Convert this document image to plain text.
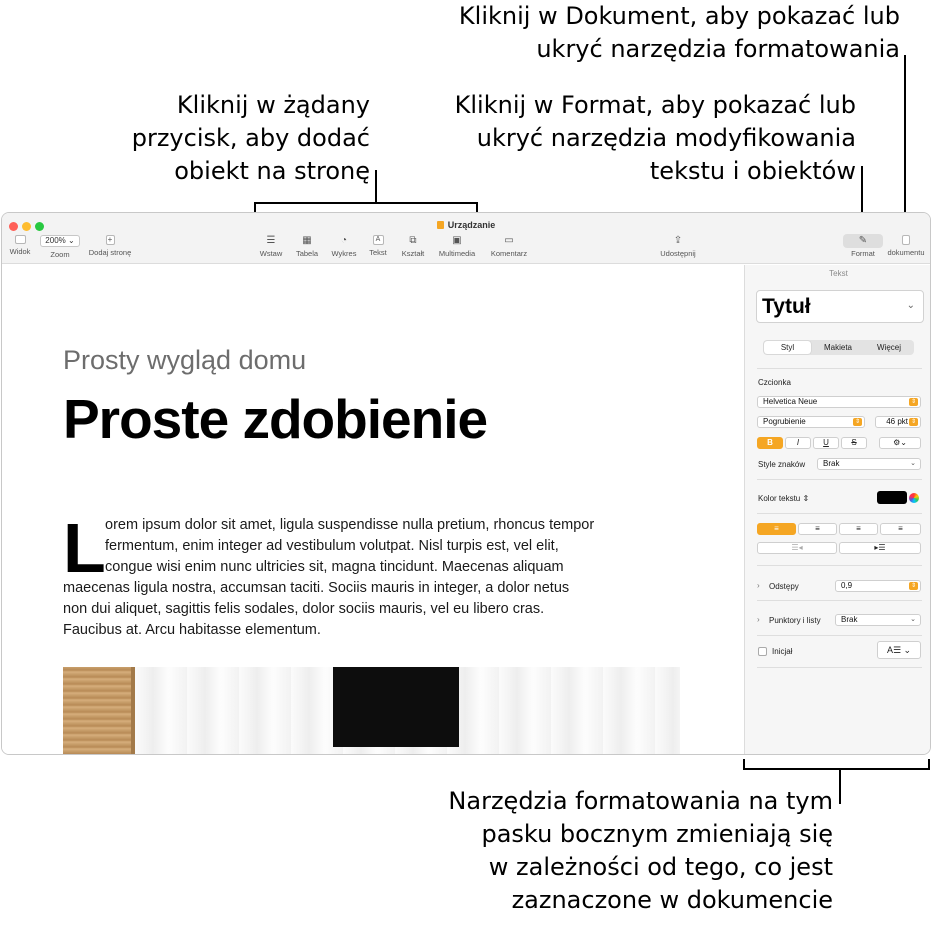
Kliknij w Dokument, aby pokazać lub
ukryć narzędzia formatowania
Kliknij w Format, aby pokazać lub
ukryć narzędzia modyfikowania
tekstu i obiektów
Kliknij w żądany
przycisk, aby dodać
obiekt na stronę
Narzędzia formatowania na tym
pasku bocznym zmieniają się
w zależności od tego, co jest
zaznaczone w dokumencie
Urządzanie
Widok
200% ⌄
Zoom
+
Dodaj stronę
☰
Wstaw
▦
Tabela
◔
Wykres
A
Tekst
⧉
Kształt
▣
Multimedia
▭
Komentarz
⇪
Udostępnij
✎
Format	dokumentu
Prosty wygląd domu
Proste zdobienie
L orem ipsum dolor sit amet, ligula suspendisse nulla pretium, rhoncus tempor
fermentum, enim integer ad vestibulum volutpat. Nisl turpis est, vel elit,
congue wisi enim nunc ultricies sit, magna tincidunt. Maecenas aliquam
maecenas ligula nostra, accumsan taciti. Sociis mauris in integer, a dolor netus
non dui aliquet, sagittis felis sodales, dolor sociis mauris, vel eu libero cras.
Faucibus at. Arcu habitasse elementum.
Tekst
Tytuł	⌄
Styl	Makieta	Więcej
Czcionka
Helvetica Neue	⇕
Pogrubienie	⇕	46 pkt ⇕
B	I	U	S	⚙⌄
Style znaków	Brak	⌄
Kolor tekstu ⇕
≡	≡	≡	≡
☰◂	▸☰
› Odstępy	0,9	⇕
› Punktory i listy	Brak	⌄
Inicjał	A☰ ⌄
